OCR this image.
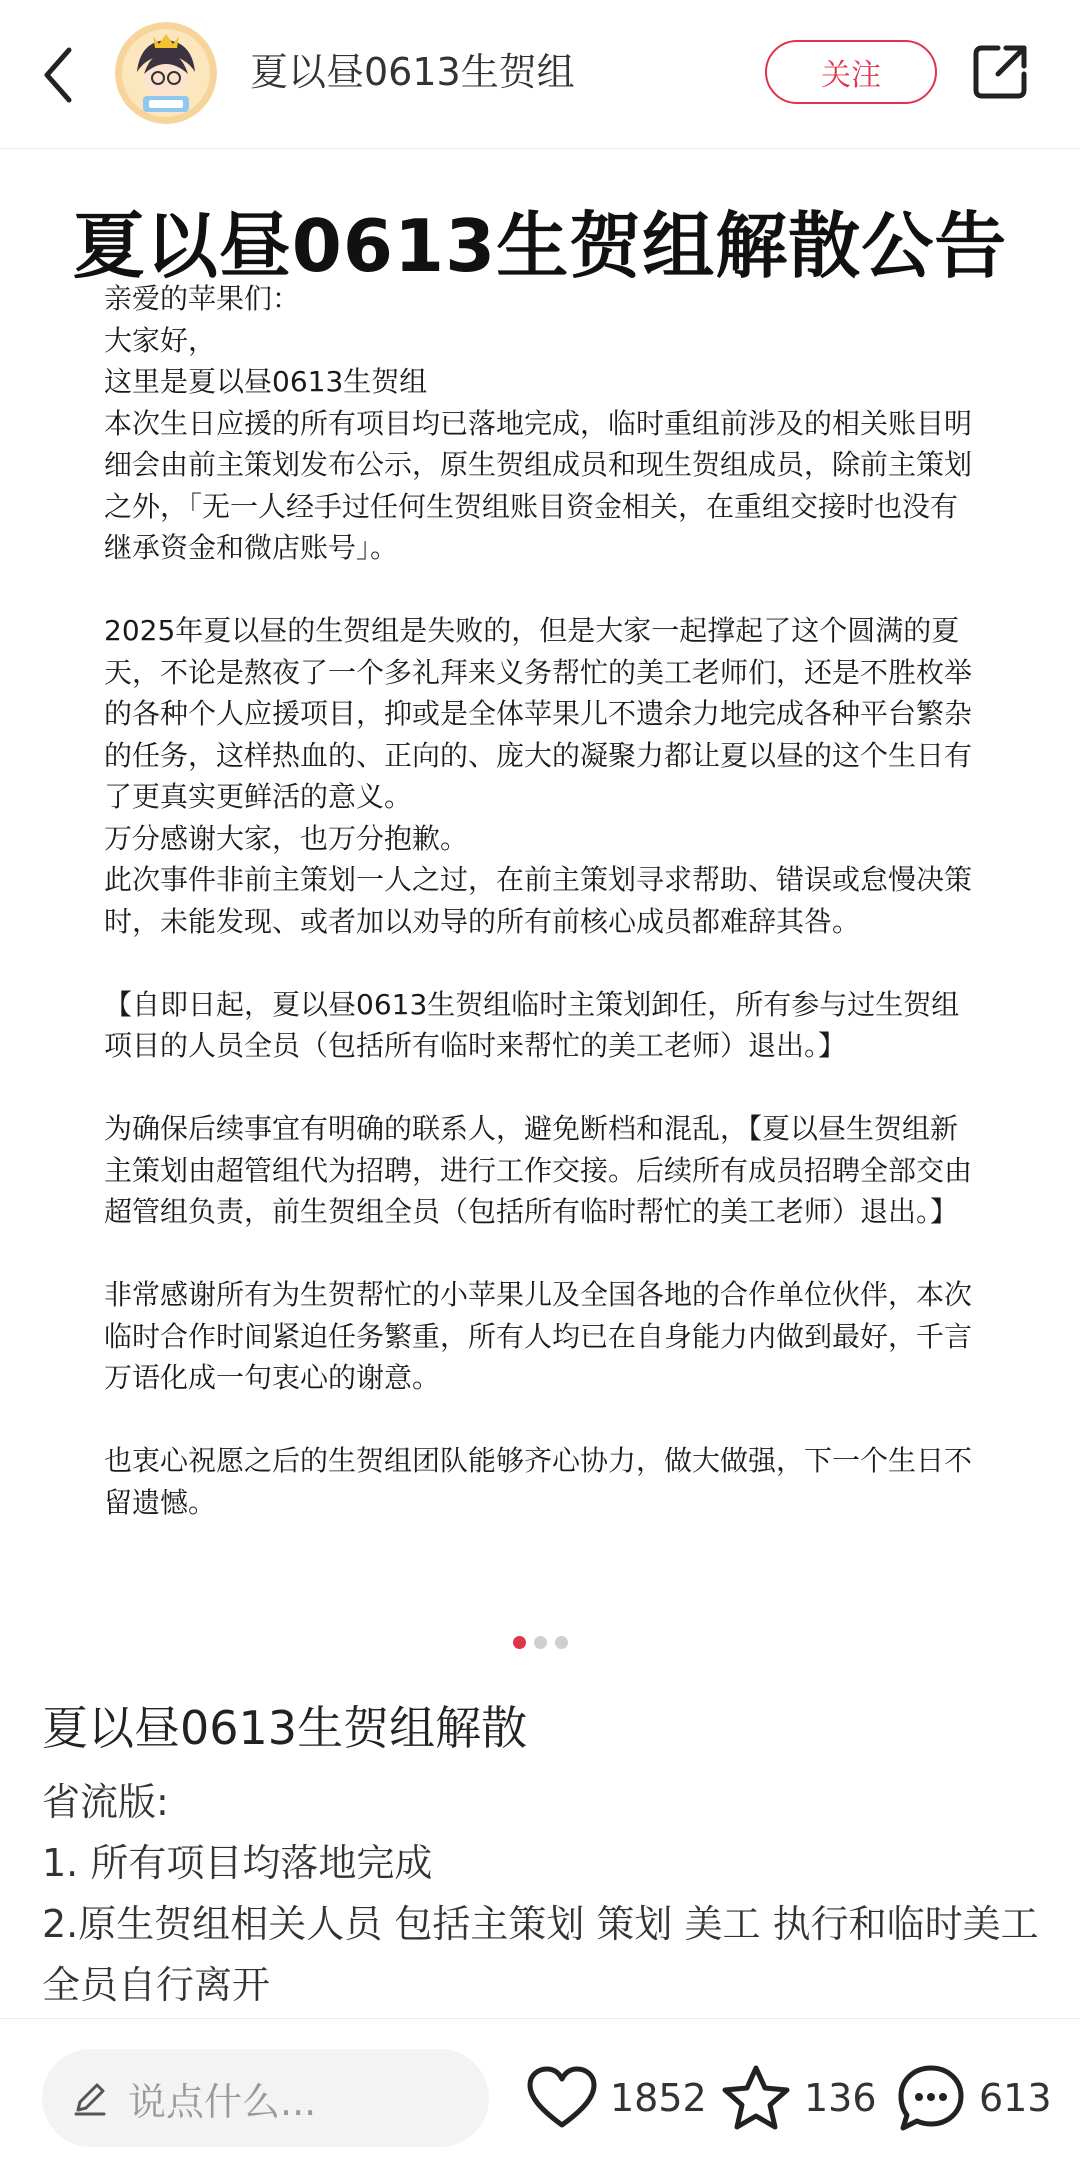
夏以昼0613生贺组	关注
夏以昼0613生贺组解散公告

亲爱的苹果们：

大家好，

这里是夏以昼0613生贺组

本次生日应援的所有项目均已落地完成，临时重组前涉及的相关账目明细会由前主策划发布公示，原生贺组成员和现生贺组成员，除前主策划之外，「无一人经手过任何生贺组账目资金相关，在重组交接时也没有继承资金和微店账号」。

2025年夏以昼的生贺组是失败的，但是大家一起撑起了这个圆满的夏天，不论是熬夜了一个多礼拜来义务帮忙的美工老师们，还是不胜枚举的各种个人应援项目，抑或是全体苹果儿不遗余力地完成各种平台繁杂的任务，这样热血的、正向的、庞大的凝聚力都让夏以昼的这个生日有了更真实更鲜活的意义。

万分感谢大家，也万分抱歉。

此次事件非前主策划一人之过，在前主策划寻求帮助、错误或怠慢决策时，未能发现、或者加以劝导的所有前核心成员都难辞其咎。

【自即日起，夏以昼0613生贺组临时主策划卸任，所有参与过生贺组项目的人员全员（包括所有临时来帮忙的美工老师）退出。】

为确保后续事宜有明确的联系人，避免断档和混乱，【夏以昼生贺组新主策划由超管组代为招聘，进行工作交接。后续所有成员招聘全部交由超管组负责，前生贺组全员（包括所有临时帮忙的美工老师）退出。】

非常感谢所有为生贺帮忙的小苹果儿及全国各地的合作单位伙伴，本次临时合作时间紧迫任务繁重，所有人均已在自身能力内做到最好，千言万语化成一句衷心的谢意。

也衷心祝愿之后的生贺组团队能够齐心协力，做大做强，下一个生日不留遗憾。

夏以昼0613生贺组解散
省流版:
1. 所有项目均落地完成
2.原生贺组相关人员 包括主策划 策划 美工 执行和临时美工 全员自行离开
说点什么...	1852	136	613
